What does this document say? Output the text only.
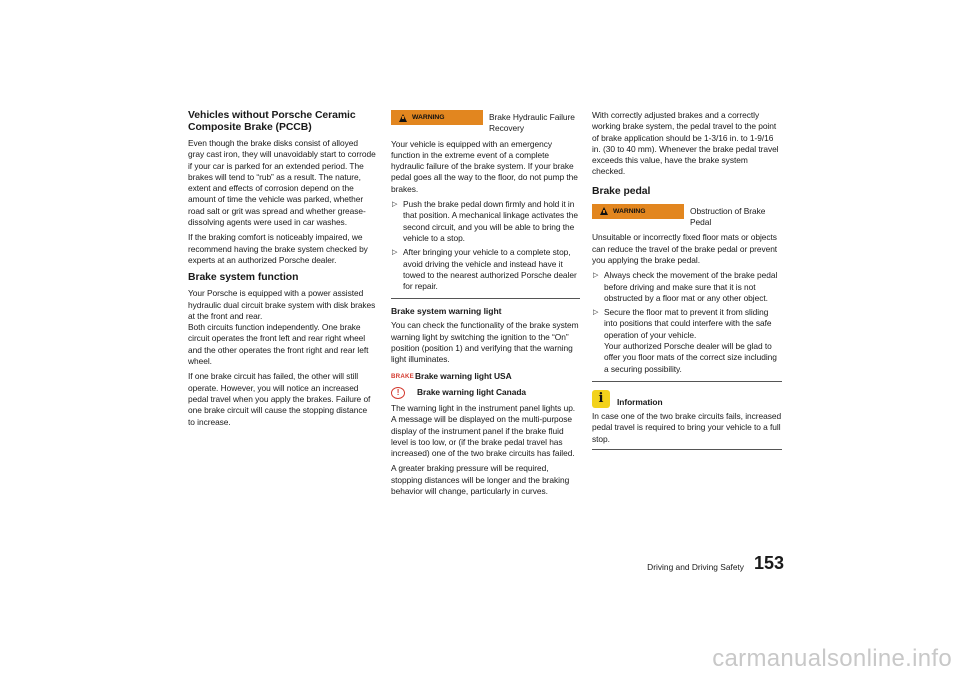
Vehicles without Porsche Ceramic
Composite Brake (PCCB)

Even though the brake disks consist of alloyed gray cast iron, they will unavoidably start to corrode if your car is parked for an extended period. The brakes will tend to “rub” as a result. The nature, extent and effects of corrosion depend on the amount of time the vehicle was parked, whether road salt or grit was spread and whether grease-dissolving agents were used in car washes.

If the braking comfort is noticeably impaired, we recommend having the brake system checked by experts at an authorized Porsche dealer.

Brake system function

Your Porsche is equipped with a power assisted hydraulic dual circuit brake system with disk brakes at the front and rear.

Both circuits function independently. One brake circuit operates the front left and rear right wheel and the other operates the front right and rear left wheel.

If one brake circuit has failed, the other will still operate. However, you will notice an increased pedal travel when you apply the brakes. Failure of one brake circuit will cause the stopping distance to increase.

WARNING	Brake Hydraulic Failure Recovery

Your vehicle is equipped with an emergency function in the extreme event of a complete hydraulic failure of the brake system. If your brake pedal goes all the way to the floor, do not pump the brakes.

▷ Push the brake pedal down firmly and hold it in that position. A mechanical linkage activates the second circuit, and you will be able to bring the vehicle to a stop.
▷ After bringing your vehicle to a complete stop, avoid driving the vehicle and instead have it towed to the nearest authorized Porsche dealer for repair.
Brake system warning light

You can check the functionality of the brake system warning light by switching the ignition to the “On” position (position 1) and verifying that the warning light illuminates.

BRAKE Brake warning light USA
!
Brake warning light Canada

The warning light in the instrument panel lights up. A message will be displayed on the multi-purpose display of the instrument panel if the brake fluid level is too low, or (if the brake pedal travel has increased) one of the two brake circuits has failed.

A greater braking pressure will be required, stopping distances will be longer and the braking behavior will change, particularly in curves.

With correctly adjusted brakes and a correctly working brake system, the pedal travel to the point of brake application should be 1-3/16 in. to 1-9/16 in. (30 to 40 mm). Whenever the brake pedal travel exceeds this value, have the brake system checked.

Brake pedal
WARNING	Obstruction of Brake Pedal

Unsuitable or incorrectly fixed floor mats or objects can reduce the travel of the brake pedal or prevent you applying the brake pedal.

▷ Always check the movement of the brake pedal before driving and make sure that it is not obstructed by a floor mat or any other object.
▷ Secure the floor mat to prevent it from sliding into positions that could interfere with the safe operation of your vehicle.
Your authorized Porsche dealer will be glad to offer you floor mats of the correct size including a securing possibility.
i	Information

In case one of the two brake circuits fails, increased pedal travel is required to bring your vehicle to a full stop.

Driving and Driving Safety 153
carmanualsonline.info
